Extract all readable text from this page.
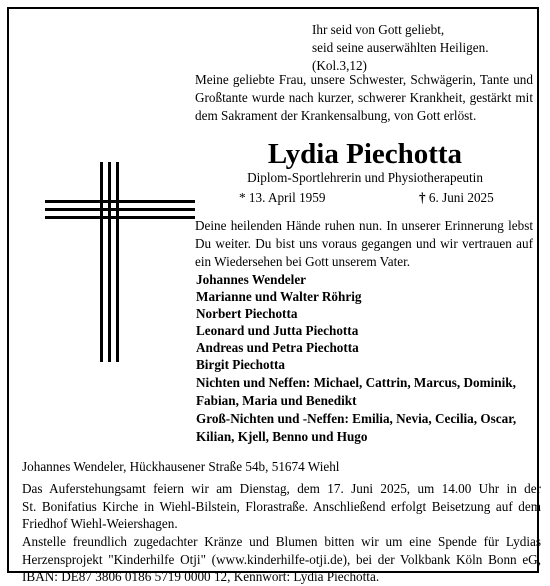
Ihr seid von Gott geliebt,
seid seine auserwählten Heiligen. (Kol.3,12)
Meine geliebte Frau, unsere Schwester, Schwägerin, Tante und Großtante wurde nach kurzer, schwerer Krankheit, gestärkt mit dem Sakrament der Krankensalbung, von Gott erlöst.
Lydia Piechotta
Diplom-Sportlehrerin und Physiotherapeutin
* 13. April 1959	† 6. Juni 2025
Deine heilenden Hände ruhen nun. In unserer Erinnerung lebst Du weiter. Du bist uns voraus gegangen und wir vertrauen auf ein Wiedersehen bei Gott unserem Vater.
Johannes Wendeler
Marianne und Walter Röhrig
Norbert Piechotta
Leonard und Jutta Piechotta
Andreas und Petra Piechotta
Birgit Piechotta
Nichten und Neffen: Michael, Cattrin, Marcus, Dominik, Fabian, Maria und Benedikt
Groß-Nichten und -Neffen: Emilia, Nevia, Cecilia, Oscar, Kilian, Kjell, Benno und Hugo
Johannes Wendeler, Hückhausener Straße 54b, 51674 Wiehl
Das Auferstehungsamt feiern wir am Dienstag, dem 17. Juni 2025, um 14.00 Uhr in der
St. Bonifatius Kirche in Wiehl-Bilstein, Florastraße. Anschließend erfolgt Beisetzung auf dem
Friedhof Wiehl-Weiershagen.
Anstelle freundlich zugedachter Kränze und Blumen bitten wir um eine Spende für Lydias
Herzensprojekt "Kinderhilfe Otji" (www.kinderhilfe-otji.de), bei der Volkbank Köln Bonn eG,
IBAN: DE87 3806 0186 5719 0000 12, Kennwort: Lydia Piechotta.
